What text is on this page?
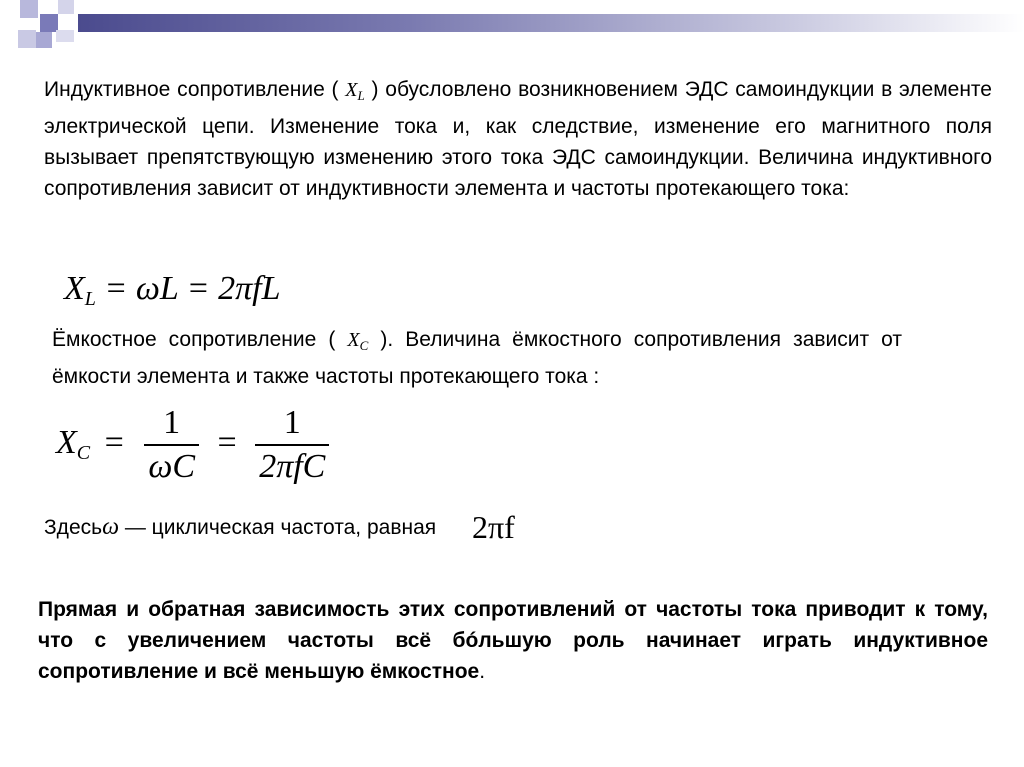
Индуктивное сопротивление ( $X_L$ ) обусловлено возникновением ЭДС самоиндукции в элементе электрической цепи. Изменение тока и, как следствие, изменение его магнитного поля вызывает препятствующую изменению этого тока ЭДС самоиндукции. Величина индуктивного сопротивления зависит от индуктивности элемента и частоты протекающего тока:
XL = ωL = 2πfL
Ёмкостное сопротивление ( $X_C$ ). Величина ёмкостного сопротивления зависит от ёмкости элемента и также частоты протекающего тока :
XC = $\frac{1}{\omega C} = \frac{1}{\text{2πfC}}$
Здесьω — циклическая частота, равная 2πf
Прямая и обратная зависимость этих сопротивлений от частоты тока приводит к тому, что с увеличением частоты всё бóльшую роль начинает играть индуктивное сопротивление и всё меньшую ёмкостное.
